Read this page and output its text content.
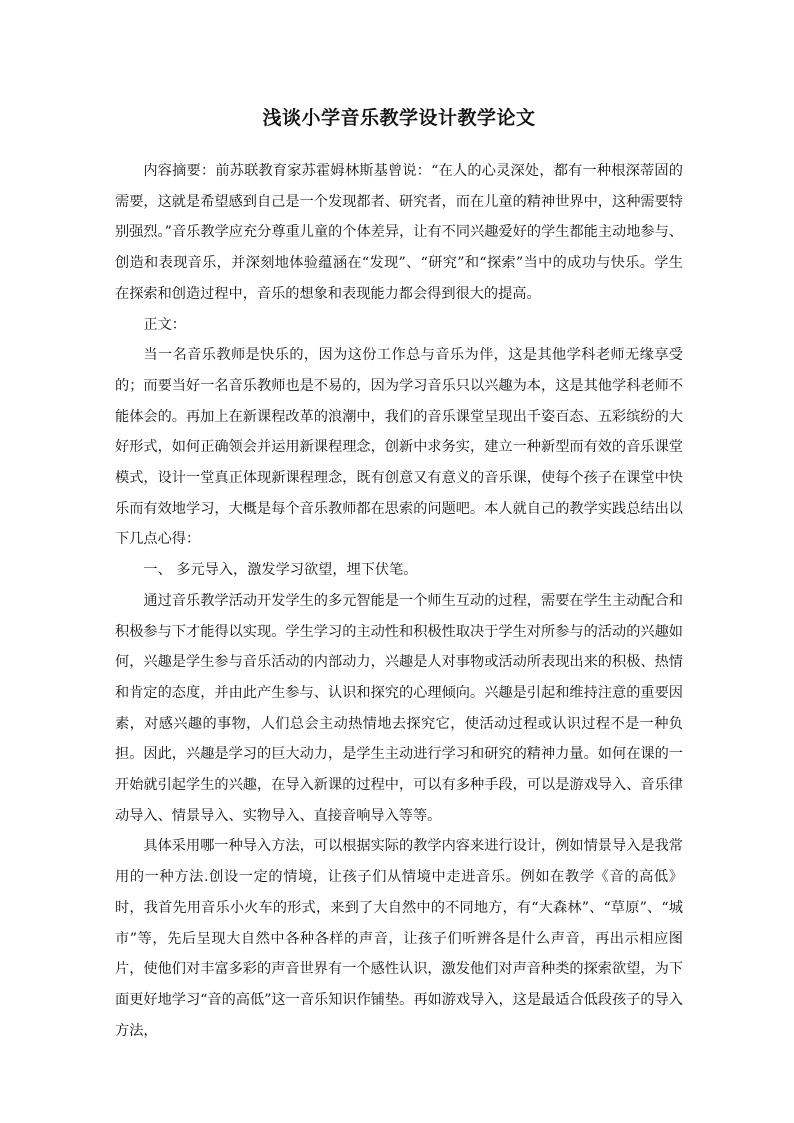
浅谈小学音乐教学设计教学论文

内容摘要：前苏联教育家苏霍姆林斯基曾说：“在人的心灵深处，都有一种根深蒂固的需要，这就是希望感到自己是一个发现都者、研究者，而在儿童的精神世界中，这种需要特别强烈。”音乐教学应充分尊重儿童的个体差异，让有不同兴趣爱好的学生都能主动地参与、创造和表现音乐，并深刻地体验蕴涵在“发现”、“研究”和“探索”当中的成功与快乐。学生在探索和创造过程中，音乐的想象和表现能力都会得到很大的提高。

正文：

当一名音乐教师是快乐的，因为这份工作总与音乐为伴，这是其他学科老师无缘享受的；而要当好一名音乐教师也是不易的，因为学习音乐只以兴趣为本，这是其他学科老师不能体会的。再加上在新课程改革的浪潮中，我们的音乐课堂呈现出千姿百态、五彩缤纷的大好形式，如何正确领会并运用新课程理念，创新中求务实，建立一种新型而有效的音乐课堂模式，设计一堂真正体现新课程理念，既有创意又有意义的音乐课，使每个孩子在课堂中快乐而有效地学习，大概是每个音乐教师都在思索的问题吧。本人就自己的教学实践总结出以下几点心得：

一、 多元导入，激发学习欲望，埋下伏笔。

通过音乐教学活动开发学生的多元智能是一个师生互动的过程，需要在学生主动配合和积极参与下才能得以实现。学生学习的主动性和积极性取决于学生对所参与的活动的兴趣如何，兴趣是学生参与音乐活动的内部动力，兴趣是人对事物或活动所表现出来的积极、热情和肯定的态度，并由此产生参与、认识和探究的心理倾向。兴趣是引起和维持注意的重要因素，对感兴趣的事物，人们总会主动热情地去探究它，使活动过程或认识过程不是一种负担。因此，兴趣是学习的巨大动力，是学生主动进行学习和研究的精神力量。如何在课的一开始就引起学生的兴趣，在导入新课的过程中，可以有多种手段，可以是游戏导入、音乐律动导入、情景导入、实物导入、直接音响导入等等。

具体采用哪一种导入方法，可以根据实际的教学内容来进行设计，例如情景导入是我常用的一种方法.创设一定的情境，让孩子们从情境中走进音乐。例如在教学《音的高低》时，我首先用音乐小火车的形式，来到了大自然中的不同地方，有“大森林”、“草原”、“城市”等，先后呈现大自然中各种各样的声音，让孩子们听辨各是什么声音，再出示相应图片，使他们对丰富多彩的声音世界有一个感性认识，激发他们对声音种类的探索欲望，为下面更好地学习“音的高低”这一音乐知识作铺垫。再如游戏导入，这是最适合低段孩子的导入方法，
